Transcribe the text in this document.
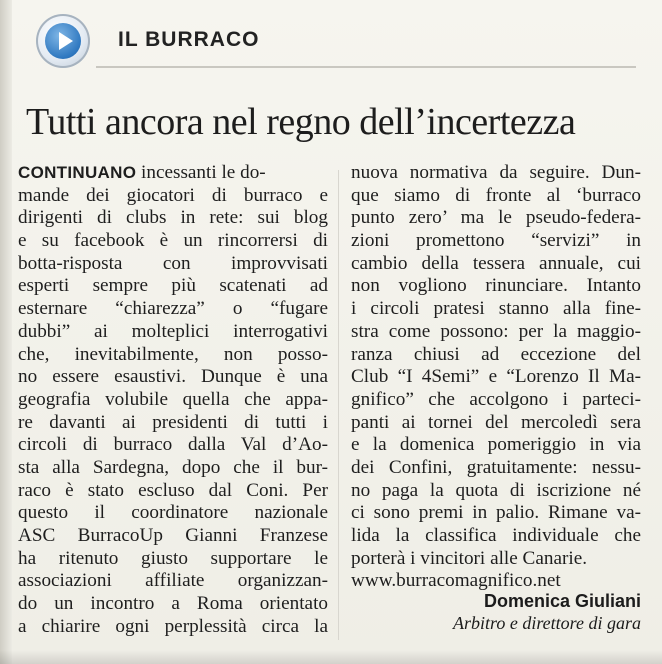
IL BURRACO
Tutti ancora nel regno dell’incertezza
CONTINUANO incessanti le do-
mande dei giocatori di burraco e
dirigenti di clubs in rete: sui blog
e su facebook è un rincorrersi di
botta-risposta con improvvisati
esperti sempre più scatenati ad
esternare “chiarezza” o “fugare
dubbi” ai molteplici interrogativi
che, inevitabilmente, non posso-
no essere esaustivi. Dunque è una
geografia volubile quella che appa-
re davanti ai presidenti di tutti i
circoli di burraco dalla Val d’Ao-
sta alla Sardegna, dopo che il bur-
raco è stato escluso dal Coni. Per
questo il coordinatore nazionale
ASC BurracoUp Gianni Franzese
ha ritenuto giusto supportare le
associazioni affiliate organizzan-
do un incontro a Roma orientato
a chiarire ogni perplessità circa la
nuova normativa da seguire. Dun-
que siamo di fronte al ‘burraco
punto zero’ ma le pseudo-federa-
zioni promettono “servizi” in
cambio della tessera annuale, cui
non vogliono rinunciare. Intanto
i circoli pratesi stanno alla fine-
stra come possono: per la maggio-
ranza chiusi ad eccezione del
Club “I 4Semi” e “Lorenzo Il Ma-
gnifico” che accolgono i parteci-
panti ai tornei del mercoledì sera
e la domenica pomeriggio in via
dei Confini, gratuitamente: nessu-
no paga la quota di iscrizione né
ci sono premi in palio. Rimane va-
lida la classifica individuale che
porterà i vincitori alle Canarie.
www.burracomagnifico.net
Domenica Giuliani
Arbitro e direttore di gara
